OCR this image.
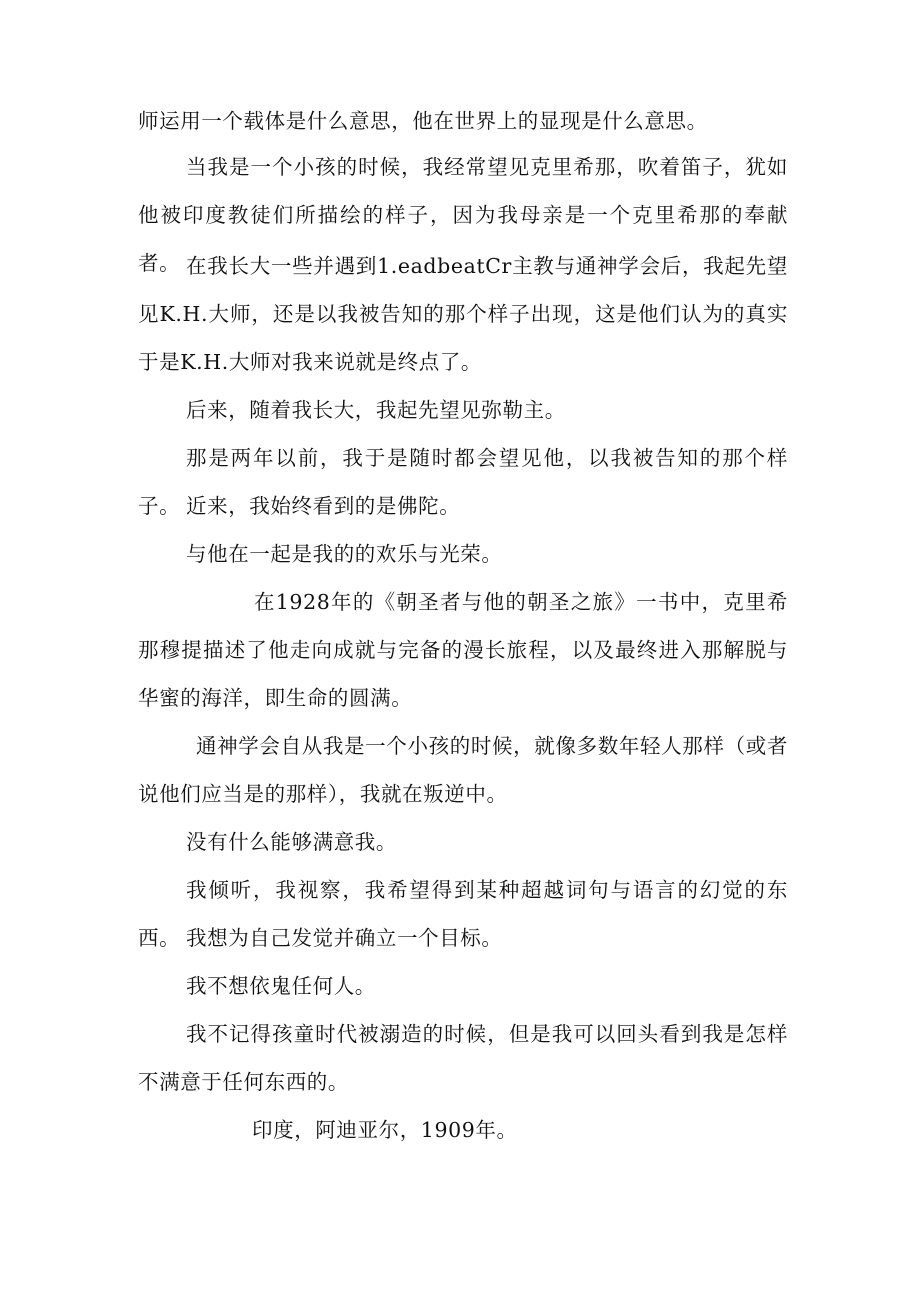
师运用一个载体是什么意思，他在世界上的显现是什么意思。

当我是一个小孩的时候，我经常望见克里希那，吹着笛子，犹如他被印度教徒们所描绘的样子，因为我母亲是一个克里希那的奉献者。 在我长大一些并遇到1.eadbeatCr主教与通神学会后，我起先望见K.H.大师，还是以我被告知的那个样子出现，这是他们认为的真实于是K.H.大师对我来说就是终点了。

后来，随着我长大，我起先望见弥勒主。

那是两年以前，我于是随时都会望见他，以我被告知的那个样子。 近来，我始终看到的是佛陀。

与他在一起是我的的欢乐与光荣。

在1928年的《朝圣者与他的朝圣之旅》一书中，克里希那穆提描述了他走向成就与完备的漫长旅程，以及最终进入那解脱与华蜜的海洋，即生命的圆满。

通神学会自从我是一个小孩的时候，就像多数年轻人那样（或者说他们应当是的那样），我就在叛逆中。

没有什么能够满意我。

我倾听，我视察，我希望得到某种超越词句与语言的幻觉的东西。 我想为自己发觉并确立一个目标。

我不想依鬼任何人。

我不记得孩童时代被溺造的时候，但是我可以回头看到我是怎样不满意于任何东西的。

印度，阿迪亚尔，1909年。
